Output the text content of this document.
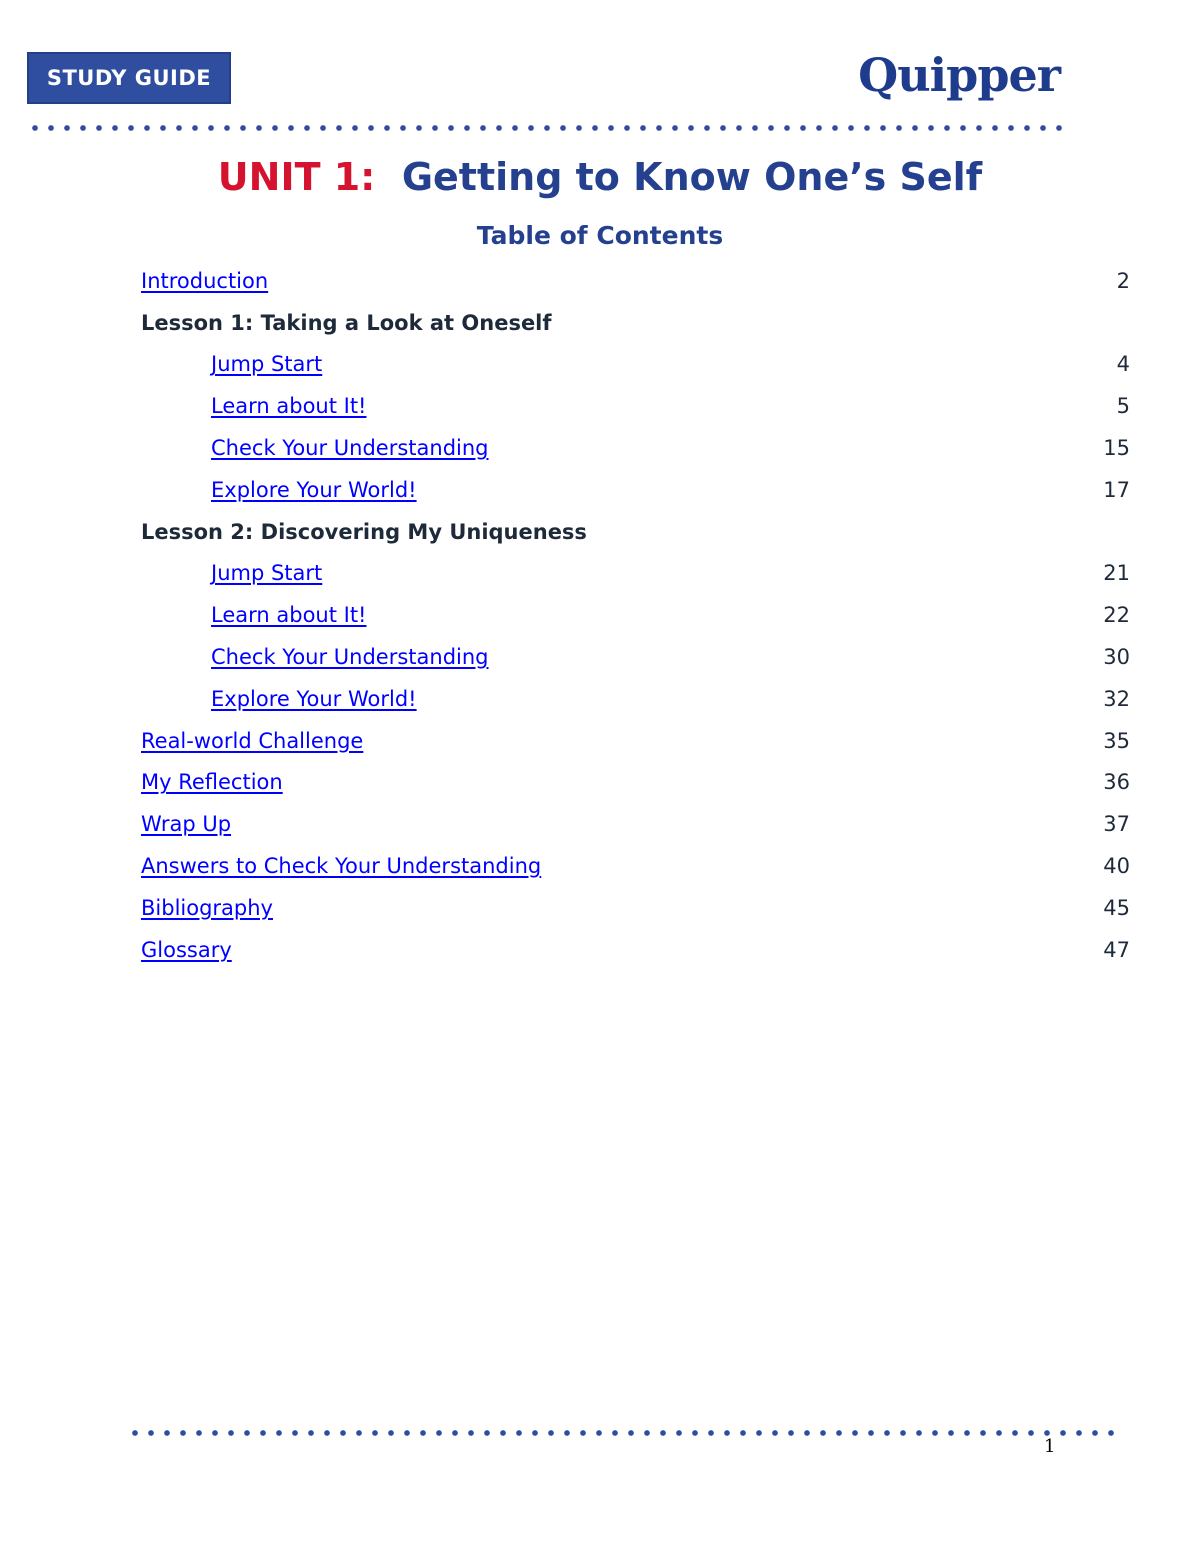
STUDY GUIDE	Quipper
UNIT 1: Getting to Know One’s Self
Table of Contents
Introduction	2
Lesson 1: Taking a Look at Oneself
Jump Start	4
Learn about It!	5
Check Your Understanding	15
Explore Your World!	17
Lesson 2: Discovering My Uniqueness
Jump Start	21
Learn about It!	22
Check Your Understanding	30
Explore Your World!	32
Real-world Challenge	35
My Reflection	36
Wrap Up	37
Answers to Check Your Understanding	40
Bibliography	45
Glossary	47
1
